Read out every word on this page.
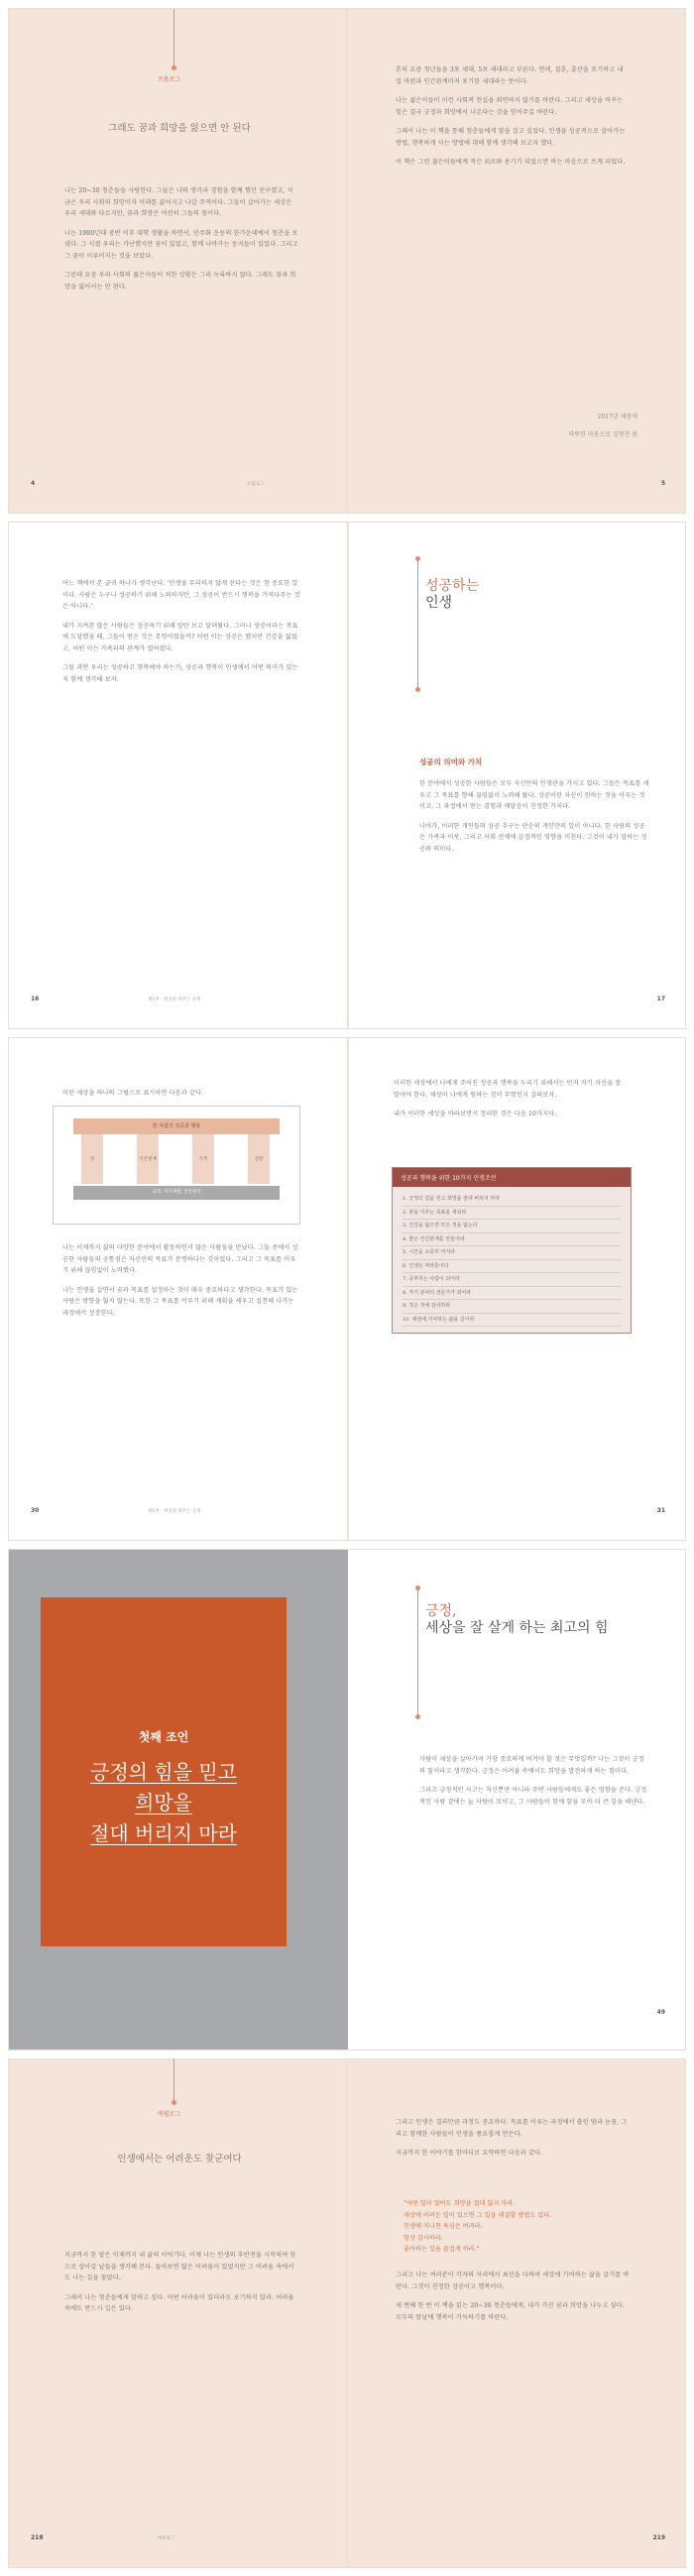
프롤로그
그래도 꿈과 희망을 잃으면 안 된다

나는 20~30 청춘들을 사랑한다. 그들은 나와 생각과 경험을 함께 했던 친구였고, 지금은 우리 사회의 희망이자 미래를 짊어지고 나갈 주역이다. 그들이 살아가는 세상은 우리 세대와 다르지만, 꿈과 희망은 여전히 그들의 몫이다.

나는 1980년대 중반 이후 대학 생활을 하면서, 민주화 운동의 한가운데에서 청춘을 보냈다. 그 시절 우리는 가난했지만 꿈이 있었고, 함께 나아가는 동지들이 있었다. 그리고 그 꿈이 이루어지는 것을 보았다.

그런데 요즘 우리 사회의 젊은이들이 처한 상황은 그리 녹록하지 않다. 그래도 꿈과 희망을 잃어서는 안 된다.

4	프롤로그

흔히 요즘 청년들을 3포 세대, 5포 세대라고 부른다. 연애, 결혼, 출산을 포기하고 내 집 마련과 인간관계마저 포기한 세대라는 뜻이다.

나는 젊은이들이 이런 사회적 현실을 외면하지 않기를 바란다. 그리고 세상을 바꾸는 힘은 결국 긍정과 희망에서 나온다는 것을 믿어주길 바란다.

그래서 나는 이 책을 통해 청춘들에게 말을 걸고 싶었다. 인생을 성공적으로 살아가는 방법, 행복하게 사는 방법에 대해 함께 생각해 보고자 했다.

이 책은 그런 젊은이들에게 작은 위로와 용기가 되었으면 하는 마음으로 쓰게 되었다.

2017년 새봄에
따뜻한 마음으로 김현천 씀
5

어느 책에서 본 글귀 하나가 생각난다. '인생을 무리하지 않게 산다는 것은 참 중요한 일이다. 사람은 누구나 성공하기 위해 노력하지만, 그 성공이 반드시 행복을 가져다주는 것은 아니다.'

내가 지켜본 많은 사람들은 성공하기 위해 앞만 보고 달려왔다. 그러나 성공이라는 목표에 도달했을 때, 그들이 얻은 것은 무엇이었을까? 어떤 이는 성공은 했지만 건강을 잃었고, 어떤 이는 가족과의 관계가 멀어졌다.

그럼 과연 우리는 성공하고 행복해야 하는가, 성공과 행복이 인생에서 어떤 의미가 있는지 함께 생각해 보자.

16	제1부 · 세상을 바꾸는 긍정
성공하는
인생
성공의 의미와 가치

한 분야에서 성공한 사람들은 모두 자신만의 인생관을 가지고 있다. 그들은 목표를 세우고 그 목표를 향해 끊임없이 노력해 왔다. 성공이란 자신이 원하는 것을 이루는 것이고, 그 과정에서 얻는 경험과 깨달음이 진정한 가치다.

나아가, 이러한 개인들의 성공 추구는 단순히 개인만의 일이 아니다. 한 사람의 성공은 가족과 이웃, 그리고 사회 전체에 긍정적인 영향을 미친다. 그것이 내가 말하는 성공의 의미다.

17
이런 세상을 하나의 그림으로 표시하면 다음과 같다.
한 사람의 성공과 행복
일	인간관계	가족	건강
긍정, 자기계발, 건강관리

나는 이제까지 삶의 다양한 분야에서 활동하면서 많은 사람들을 만났다. 그들 중에서 성공한 사람들의 공통점은 자신만의 목표가 분명하다는 것이었다. 그리고 그 목표를 이루기 위해 끊임없이 노력했다.

나는 인생을 살면서 꿈과 목표를 설정하는 것이 매우 중요하다고 생각한다. 목표가 있는 사람은 방향을 잃지 않는다. 또한 그 목표를 이루기 위해 계획을 세우고 실천해 나가는 과정에서 성장한다.

30	제1부 · 세상을 바꾸는 긍정

이러한 세상에서 나에게 주어진 성공과 행복을 누리기 위해서는 먼저 자기 자신을 잘 알아야 한다. 세상이 나에게 원하는 것이 무엇인지 살펴보자.

내가 이러한 세상을 바라보면서 정리한 것은 다음 10가지다.

성공과 행복을 위한 10가지 인생조언
1. 긍정의 힘을 믿고 희망을 절대 버리지 마라
2. 꿈을 이루는 목표를 세워라
3. 건강을 잃으면 모든 것을 잃는다
4. 좋은 인간관계를 만들어라
5. 시간을 소중히 여겨라
6. 인생은 마라톤이다
7. 공부하는 사람이 되어라
8. 자기 분야의 전문가가 되어라
9. 작은 것에 감사하라
10. 세상에 기여하는 삶을 살아라
31
첫째 조언
긍정의 힘을 믿고
희망을
절대 버리지 마라
긍정,
세상을 잘 살게 하는 최고의 힘

사람이 세상을 살아가며 가장 중요하게 여겨야 할 것은 무엇일까? 나는 그것이 긍정의 힘이라고 생각한다. 긍정은 어려움 속에서도 희망을 발견하게 하는 힘이다.

그리고 긍정적인 사고는 자신뿐만 아니라 주변 사람들에게도 좋은 영향을 준다. 긍정적인 사람 곁에는 늘 사람이 모이고, 그 사람들이 함께 힘을 모아 더 큰 일을 해낸다.

49
에필로그
인생에서는 어려운도 찾군여다

지금까지 한 말은 이제까지 내 삶의 이야기다. 이제 나는 인생의 후반전을 시작하며 앞으로 살아갈 날들을 생각해 본다. 돌아보면 많은 어려움이 있었지만 그 어려움 속에서도 나는 길을 찾았다.

그래서 나는 청춘들에게 말하고 싶다. 어떤 어려움이 있더라도 포기하지 말라. 어려움 속에도 반드시 길은 있다.

218	에필로그

그리고 인생은 결과만큼 과정도 중요하다. 목표를 이루는 과정에서 흘린 땀과 눈물, 그리고 함께한 사람들이 인생을 풍요롭게 만든다.

지금까지 한 이야기를 한마디로 요약하면 다음과 같다.

"어떤 일이 있어도 희망을 절대 잃지 마라.
세상에 어려운 일이 있으면 그 일을 해결할 방법도 있다.
인생에 지나친 욕심은 버려라.
항상 감사하라.
좋아하는 일을 즐겁게 하라."

그리고 나는 여러분이 각자의 자리에서 최선을 다하며 세상에 기여하는 삶을 살기를 바란다. 그것이 진정한 성공이고 행복이다.

세 번째 한 번 이 책을 읽는 20~30 청춘들에게, 내가 가진 꿈과 희망을 나누고 싶다. 모두의 앞날에 행복이 가득하기를 바란다.

219
